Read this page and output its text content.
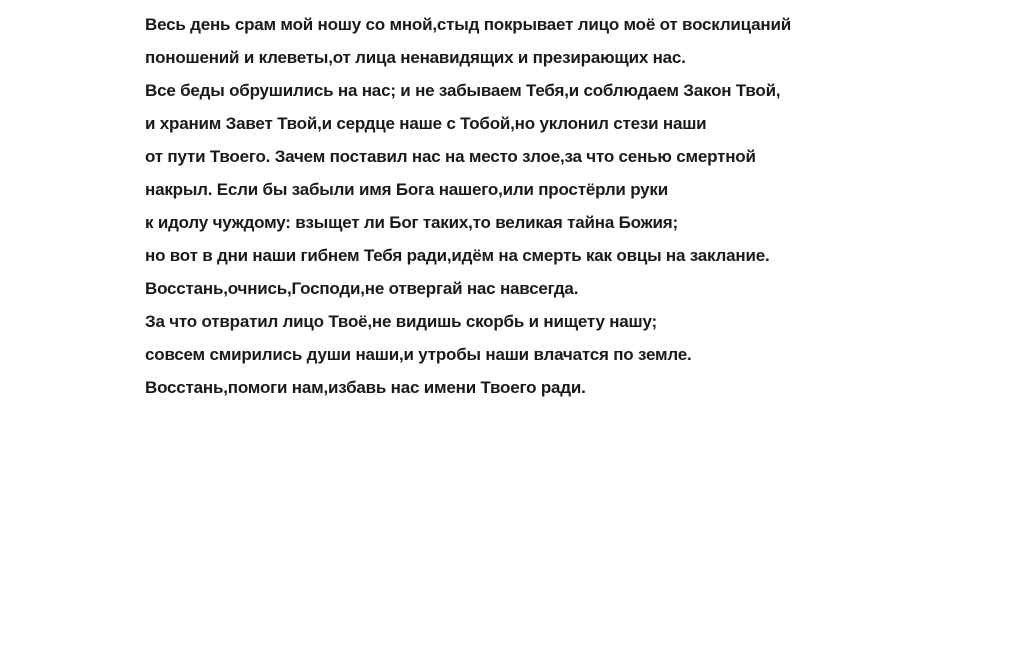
Весь день срам мой ношу со мной,стыд покрывает лицо моё от восклицаний
поношений и клеветы,от лица ненавидящих и презирающих нас.
Все беды обрушились на нас; и не забываем Тебя,и соблюдаем Закон Твой,
и храним Завет Твой,и сердце наше с Тобой,но уклонил стези наши
от пути Твоего. Зачем поставил нас на место злое,за что сенью смертной
накрыл. Если бы забыли имя Бога нашего,или простёрли руки
к идолу чуждому: взыщет ли Бог таких,то великая тайна Божия;
но вот в дни наши гибнем Тебя ради,идём на смерть как овцы на заклание.
Восстань,очнись,Господи,не отвергай нас навсегда.
За что отвратил лицо Твоё,не видишь скорбь и нищету нашу;
совсем смирились души наши,и утробы наши влачатся по земле.
Восстань,помоги нам,избавь нас имени Твоего ради.
